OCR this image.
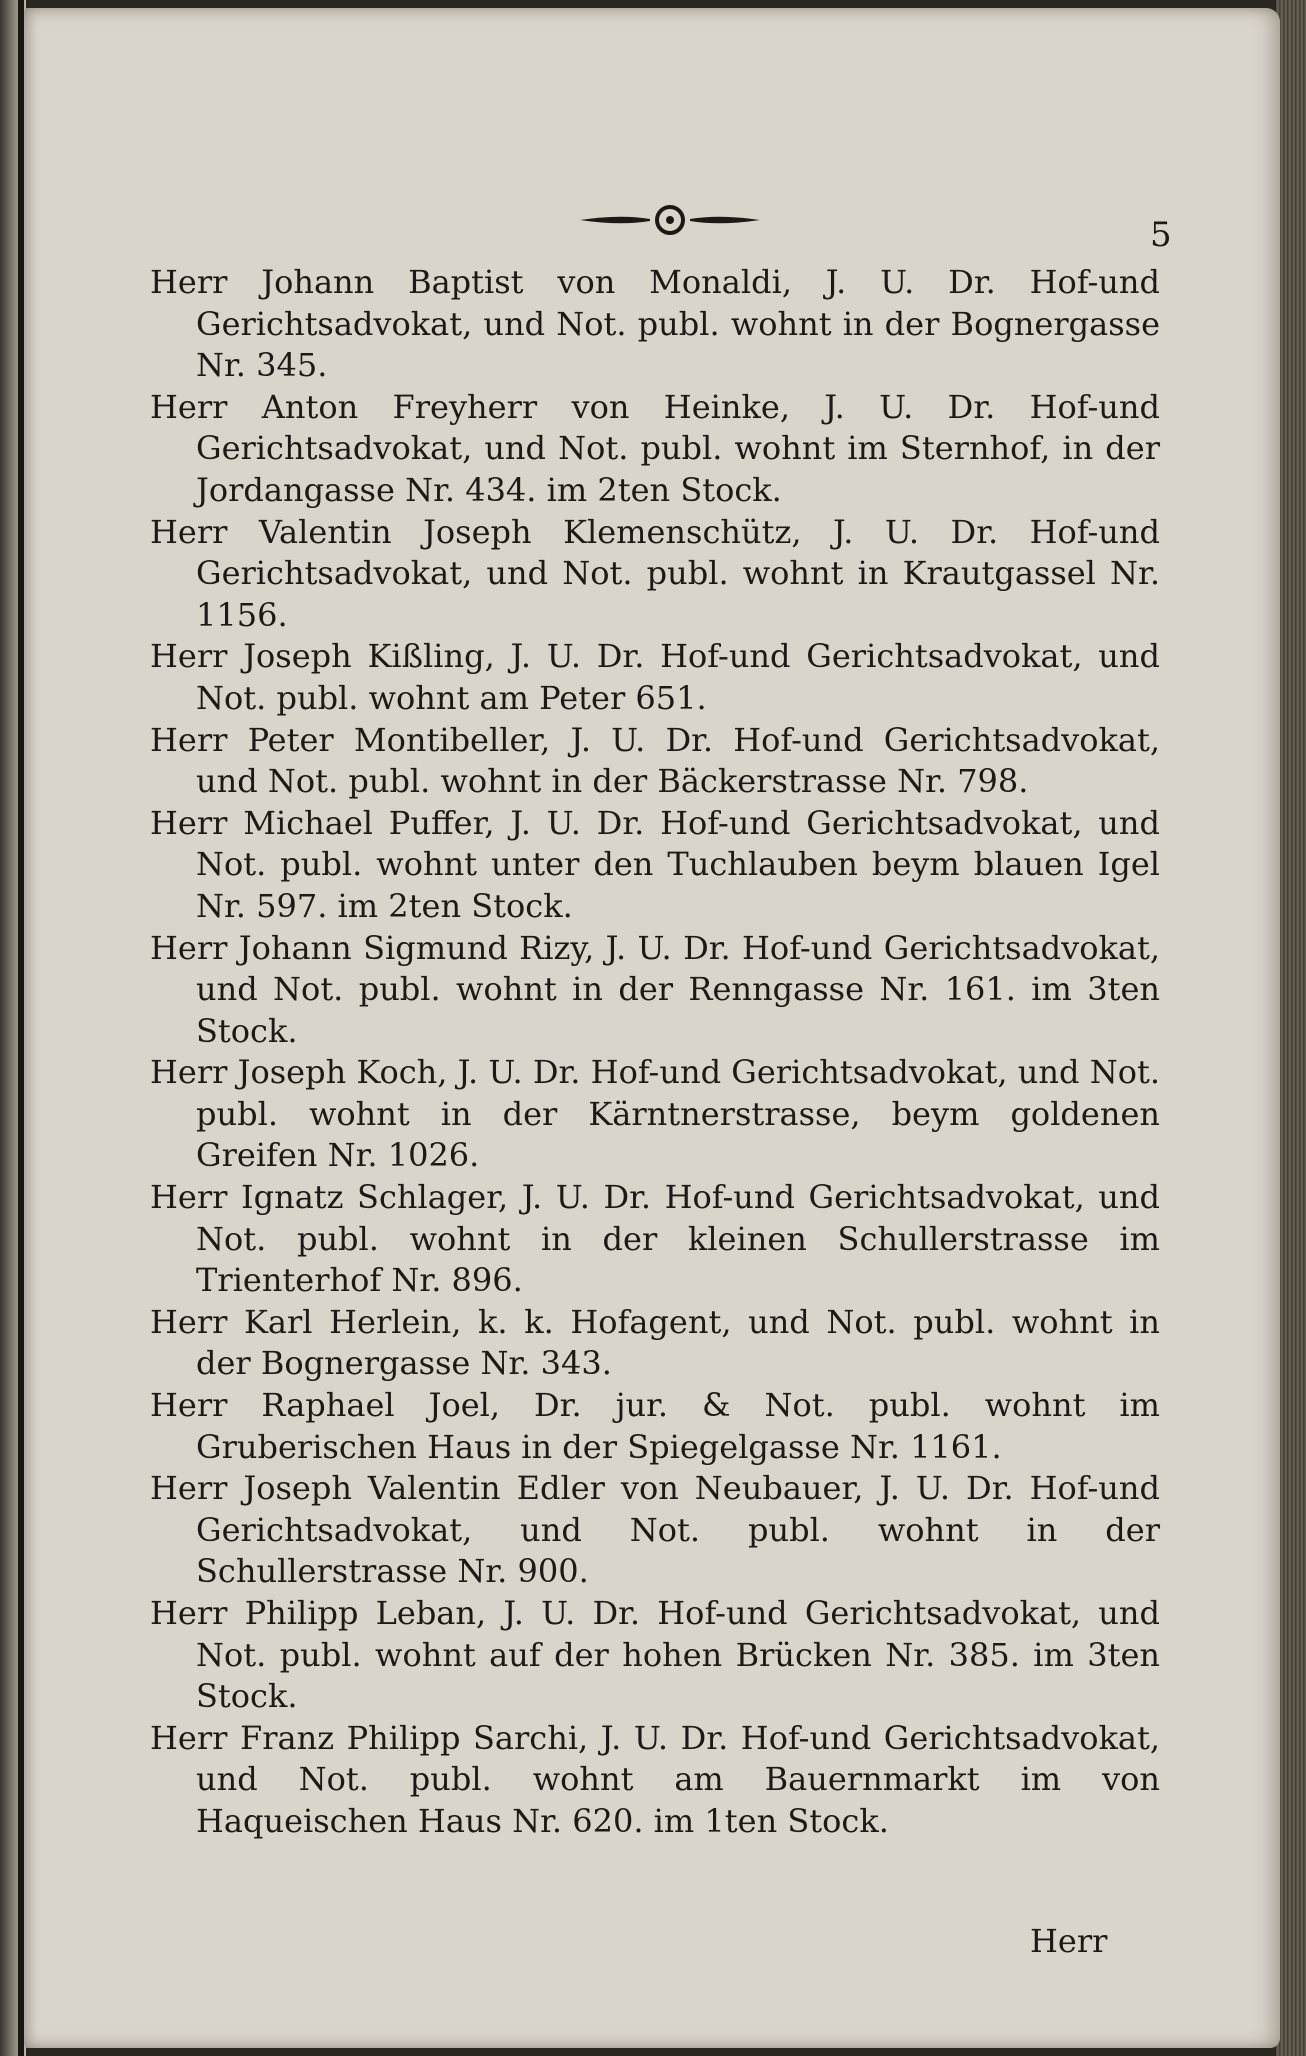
5

Herr Johann Baptist von Monaldi, J. U. Dr. Hof-und Gerichtsadvokat, und Not. publ. wohnt in der Bognergasse Nr. 345.

Herr Anton Freyherr von Heinke, J. U. Dr. Hof-und Gerichtsadvokat, und Not. publ. wohnt im Sternhof, in der Jordangasse Nr. 434. im 2ten Stock.

Herr Valentin Joseph Klemenschütz, J. U. Dr. Hof-und Gerichtsadvokat, und Not. publ. wohnt in Krautgassel Nr. 1156.

Herr Joseph Kißling, J. U. Dr. Hof-und Gerichtsadvokat, und Not. publ. wohnt am Peter 651.

Herr Peter Montibeller, J. U. Dr. Hof-und Gerichtsadvokat, und Not. publ. wohnt in der Bäckerstrasse Nr. 798.

Herr Michael Puffer, J. U. Dr. Hof-und Gerichtsadvokat, und Not. publ. wohnt unter den Tuchlauben beym blauen Igel Nr. 597. im 2ten Stock.

Herr Johann Sigmund Rizy, J. U. Dr. Hof-und Gerichtsadvokat, und Not. publ. wohnt in der Renngasse Nr. 161. im 3ten Stock.

Herr Joseph Koch, J. U. Dr. Hof-und Gerichtsadvokat, und Not. publ. wohnt in der Kärntnerstrasse, beym goldenen Greifen Nr. 1026.

Herr Ignatz Schlager, J. U. Dr. Hof-und Gerichtsadvokat, und Not. publ. wohnt in der kleinen Schullerstrasse im Trienterhof Nr. 896.

Herr Karl Herlein, k. k. Hofagent, und Not. publ. wohnt in der Bognergasse Nr. 343.

Herr Raphael Joel, Dr. jur. & Not. publ. wohnt im Gruberischen Haus in der Spiegelgasse Nr. 1161.

Herr Joseph Valentin Edler von Neubauer, J. U. Dr. Hof-und Gerichtsadvokat, und Not. publ. wohnt in der Schullerstrasse Nr. 900.

Herr Philipp Leban, J. U. Dr. Hof-und Gerichtsadvokat, und Not. publ. wohnt auf der hohen Brücken Nr. 385. im 3ten Stock.

Herr Franz Philipp Sarchi, J. U. Dr. Hof-und Gerichtsadvokat, und Not. publ. wohnt am Bauernmarkt im von Haqueischen Haus Nr. 620. im 1ten Stock.

Herr
